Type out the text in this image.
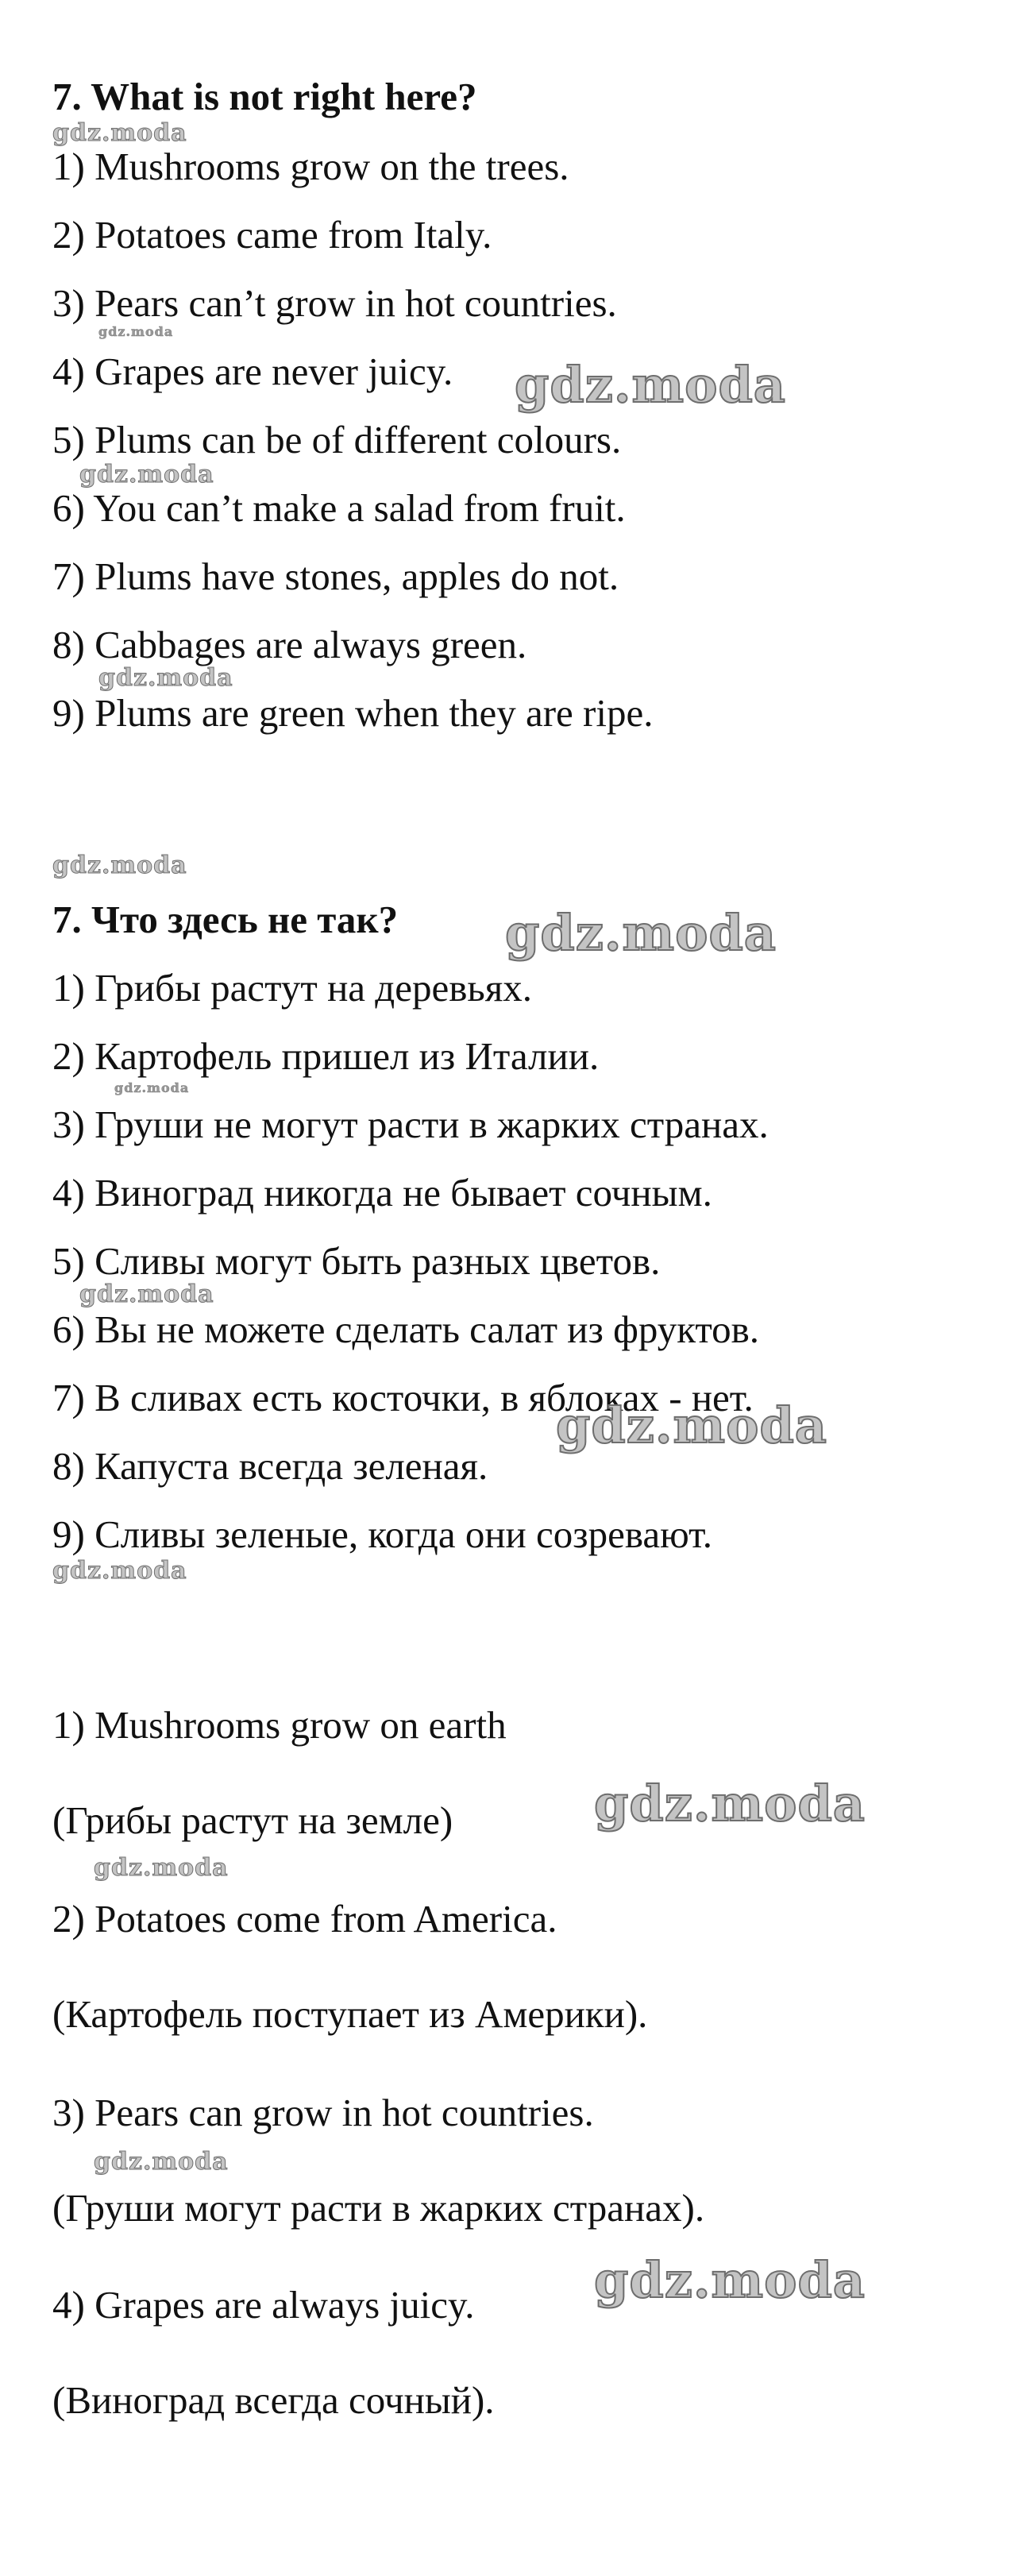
7. What is not right here?
1) Mushrooms grow on the trees.
2) Potatoes came from Italy.
3) Pears can’t grow in hot countries.
4) Grapes are never juicy.
5) Plums can be of different colours.
6) You can’t make a salad from fruit.
7) Plums have stones, apples do not.
8) Cabbages are always green.
9) Plums are green when they are ripe.
7. Что здесь не так?
1) Грибы растут на деревьях.
2) Картофель пришел из Италии.
3) Груши не могут расти в жарких странах.
4) Виноград никогда не бывает сочным.
5) Сливы могут быть разных цветов.
6) Вы не можете сделать салат из фруктов.
7) В сливах есть косточки, в яблоках - нет.
8) Капуста всегда зеленая.
9) Сливы зеленые, когда они созревают.
1) Mushrooms grow on earth
(Грибы растут на земле)
2) Potatoes come from America.
(Картофель поступает из Америки).
3) Pears can grow in hot countries.
(Груши могут расти в жарких странах).
4) Grapes are always juicy.
(Виноград всегда сочный).
gdz.moda
gdz.moda
gdz.moda
gdz.moda
gdz.moda
gdz.moda
gdz.moda
gdz.moda
gdz.moda
gdz.moda
gdz.moda
gdz.moda
gdz.moda
gdz.moda
gdz.moda
